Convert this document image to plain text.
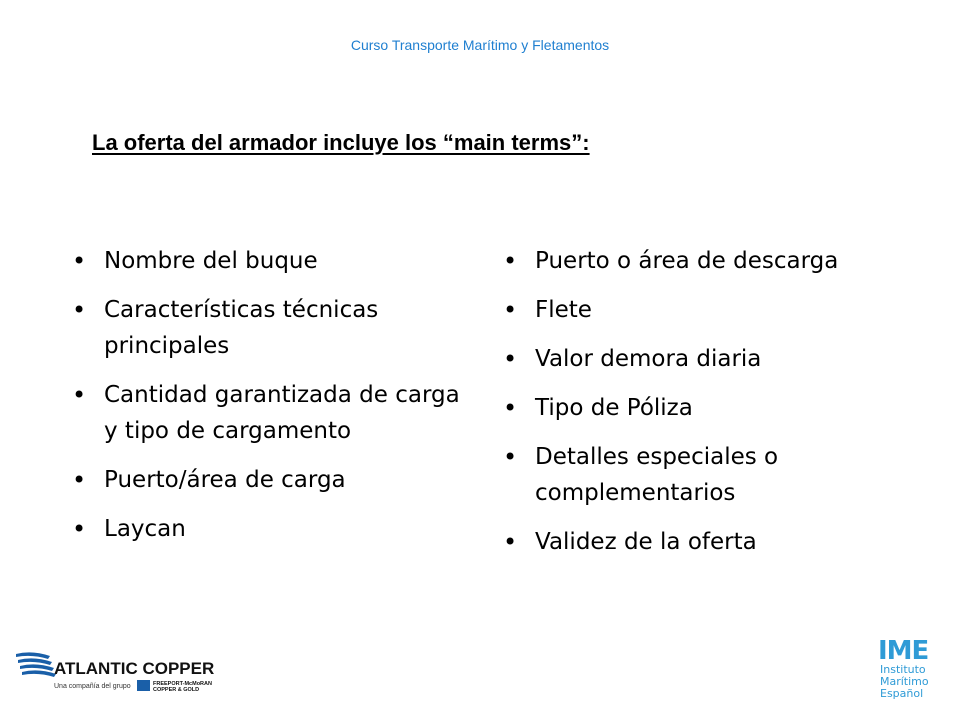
Curso Transporte Marítimo y Fletamentos
La oferta del armador incluye los “main terms”:
• Nombre del buque
• Características técnicas principales
• Cantidad garantizada de carga y tipo de cargamento
• Puerto/área de carga
• Laycan
• Puerto o área de descarga
• Flete
• Valor demora diaria
• Tipo de Póliza
• Detalles especiales o complementarios
• Validez de la oferta
ATLANTIC COPPER
Una compañía del grupo	FREEPORT-McMoRAN
COPPER & GOLD
IME
Instituto
Marítimo
Español
